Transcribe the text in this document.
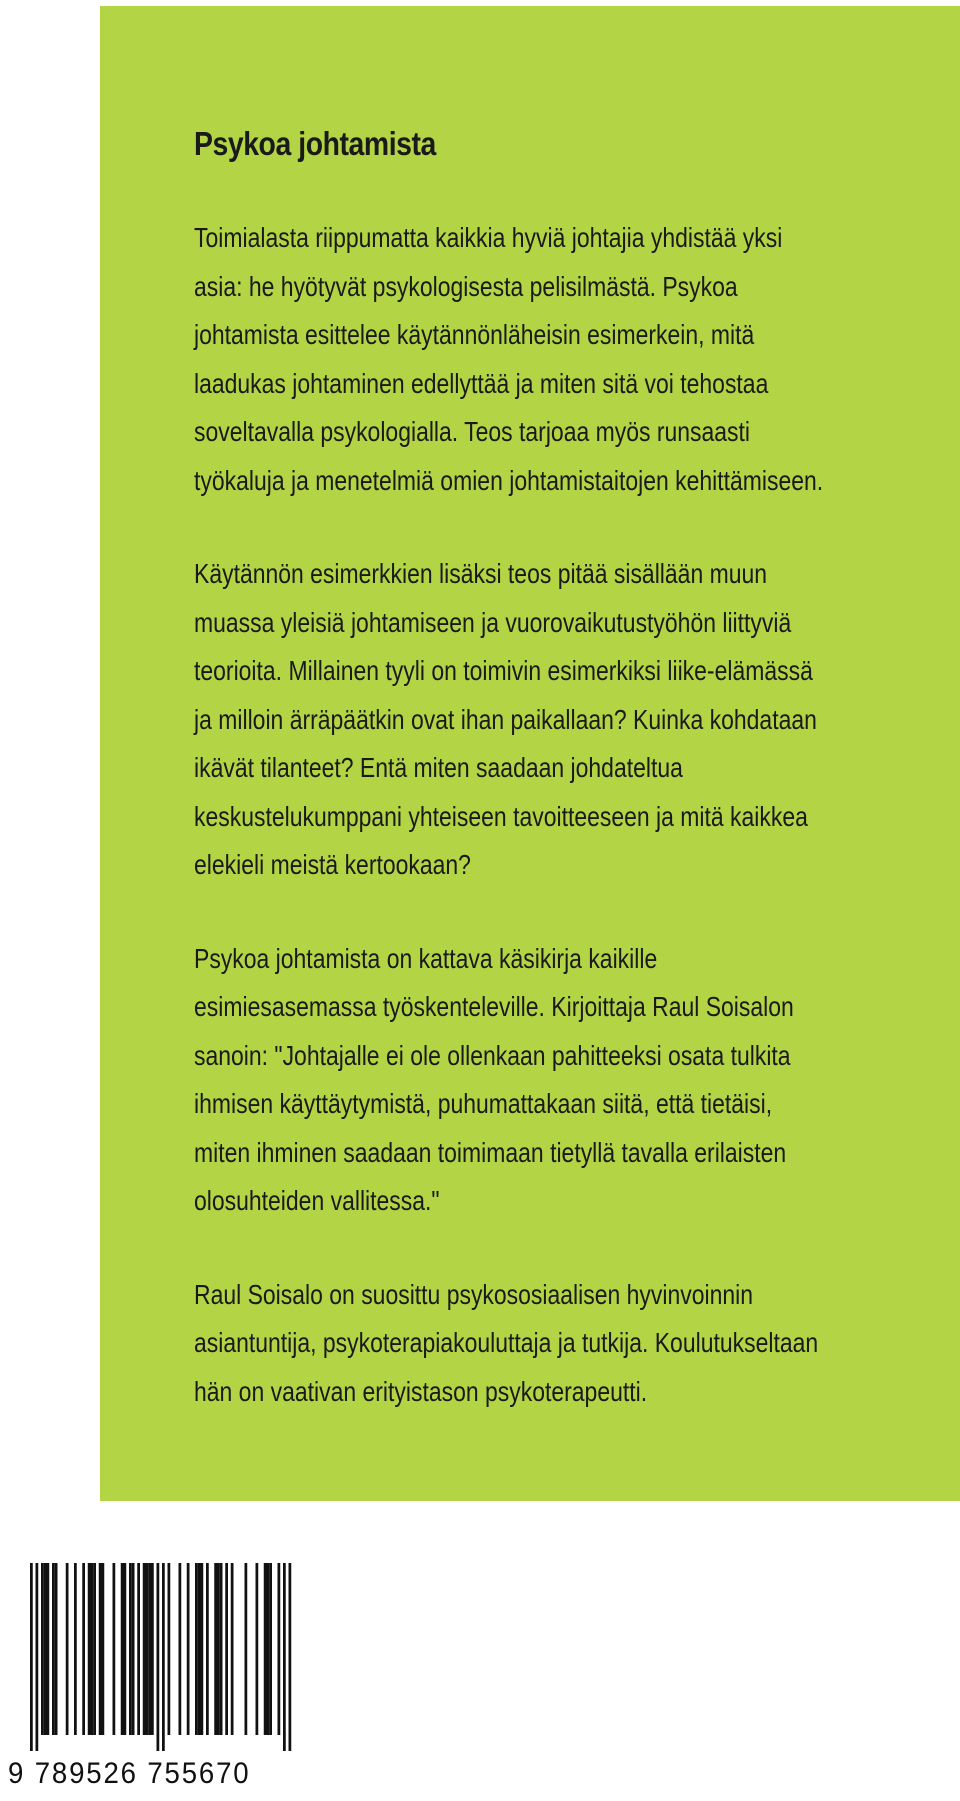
Psykoa johtamista
Toimialasta riippumatta kaikkia hyviä johtajia yhdistää yksi
asia: he hyötyvät psykologisesta pelisilmästä. Psykoa
johtamista esittelee käytännönläheisin esimerkein, mitä
laadukas johtaminen edellyttää ja miten sitä voi tehostaa
soveltavalla psykologialla. Teos tarjoaa myös runsaasti
työkaluja ja menetelmiä omien johtamistaitojen kehittämiseen.
Käytännön esimerkkien lisäksi teos pitää sisällään muun
muassa yleisiä johtamiseen ja vuorovaikutustyöhön liittyviä
teorioita. Millainen tyyli on toimivin esimerkiksi liike-elämässä
ja milloin ärräpäätkin ovat ihan paikallaan? Kuinka kohdataan
ikävät tilanteet? Entä miten saadaan johdateltua
keskustelukumppani yhteiseen tavoitteeseen ja mitä kaikkea
elekieli meistä kertookaan?
Psykoa johtamista on kattava käsikirja kaikille
esimiesasemassa työskenteleville. Kirjoittaja Raul Soisalon
sanoin: "Johtajalle ei ole ollenkaan pahitteeksi osata tulkita
ihmisen käyttäytymistä, puhumattakaan siitä, että tietäisi,
miten ihminen saadaan toimimaan tietyllä tavalla erilaisten
olosuhteiden vallitessa."
Raul Soisalo on suosittu psykososiaalisen hyvinvoinnin
asiantuntija, psykoterapiakouluttaja ja tutkija. Koulutukseltaan
hän on vaativan erityistason psykoterapeutti.
9 789526 755670
